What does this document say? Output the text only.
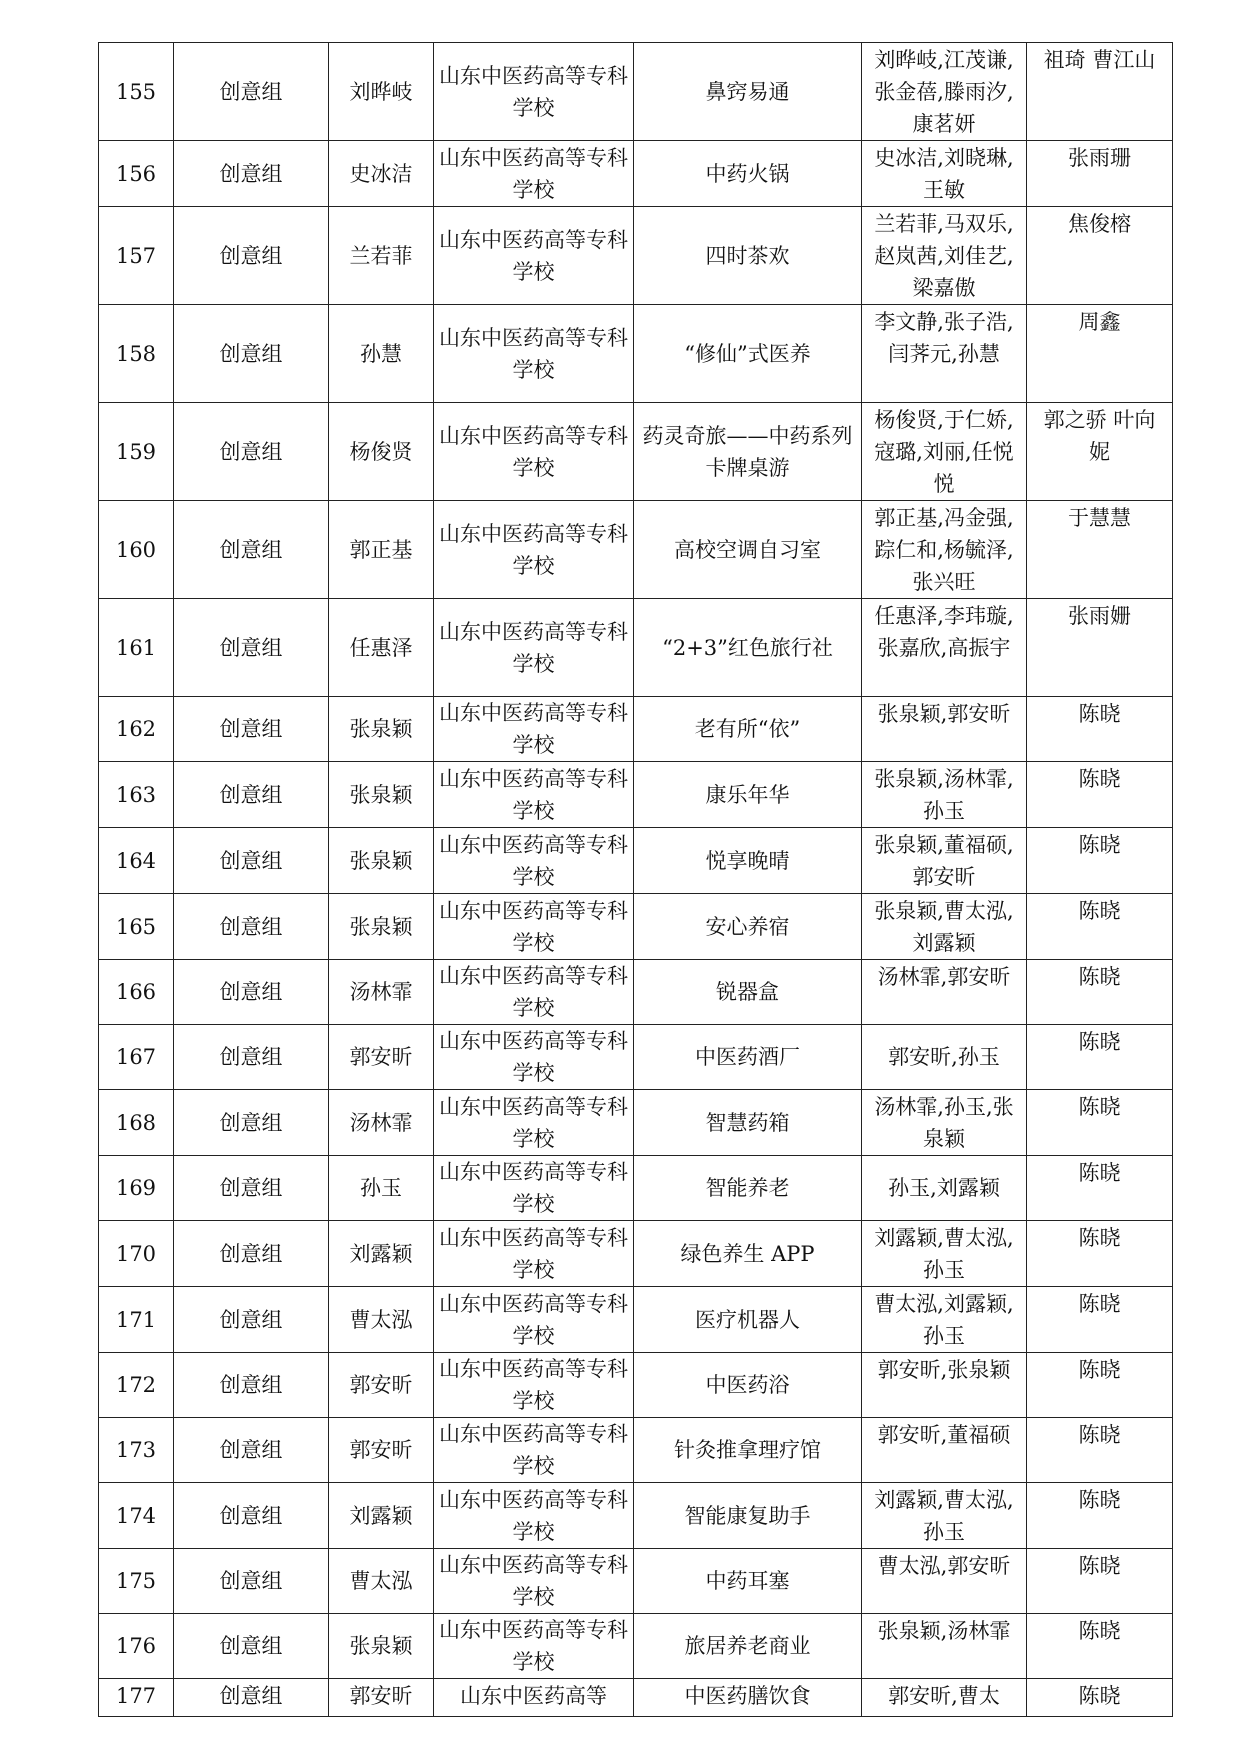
155	创意组	刘晔岐	山东中医药高等专科学校	鼻窍易通	刘晔岐,江茂谦,张金蓓,滕雨汐,康茗妍	祖琦 曹江山
156	创意组	史冰洁	山东中医药高等专科学校	中药火锅	史冰洁,刘晓琳,王敏	张雨珊
157	创意组	兰若菲	山东中医药高等专科学校	四时茶欢	兰若菲,马双乐,赵岚茜,刘佳艺,梁嘉傲	焦俊榕
158	创意组	孙慧	山东中医药高等专科学校	“修仙”式医养	李文静,张子浩,闫荠元,孙慧	周鑫
159	创意组	杨俊贤	山东中医药高等专科学校	药灵奇旅——中药系列卡牌桌游	杨俊贤,于仁娇,寇璐,刘丽,任悦悦	郭之骄 叶向妮
160	创意组	郭正基	山东中医药高等专科学校	高校空调自习室	郭正基,冯金强,踪仁和,杨毓泽,张兴旺	于慧慧
161	创意组	任惠泽	山东中医药高等专科学校	“2+3”红色旅行社	任惠泽,李玮璇,张嘉欣,高振宇	张雨姗
162	创意组	张泉颖	山东中医药高等专科学校	老有所“依”	张泉颖,郭安昕	陈晓
163	创意组	张泉颖	山东中医药高等专科学校	康乐年华	张泉颖,汤林霏,孙玉	陈晓
164	创意组	张泉颖	山东中医药高等专科学校	悦享晚晴	张泉颖,董福硕,郭安昕	陈晓
165	创意组	张泉颖	山东中医药高等专科学校	安心养宿	张泉颖,曹太泓,刘露颖	陈晓
166	创意组	汤林霏	山东中医药高等专科学校	锐器盒	汤林霏,郭安昕	陈晓
167	创意组	郭安昕	山东中医药高等专科学校	中医药酒厂	郭安昕,孙玉	陈晓
168	创意组	汤林霏	山东中医药高等专科学校	智慧药箱	汤林霏,孙玉,张泉颖	陈晓
169	创意组	孙玉	山东中医药高等专科学校	智能养老	孙玉,刘露颖	陈晓
170	创意组	刘露颖	山东中医药高等专科学校	绿色养生 APP	刘露颖,曹太泓,孙玉	陈晓
171	创意组	曹太泓	山东中医药高等专科学校	医疗机器人	曹太泓,刘露颖,孙玉	陈晓
172	创意组	郭安昕	山东中医药高等专科学校	中医药浴	郭安昕,张泉颖	陈晓
173	创意组	郭安昕	山东中医药高等专科学校	针灸推拿理疗馆	郭安昕,董福硕	陈晓
174	创意组	刘露颖	山东中医药高等专科学校	智能康复助手	刘露颖,曹太泓,孙玉	陈晓
175	创意组	曹太泓	山东中医药高等专科学校	中药耳塞	曹太泓,郭安昕	陈晓
176	创意组	张泉颖	山东中医药高等专科学校	旅居养老商业	张泉颖,汤林霏	陈晓
177	创意组	郭安昕	山东中医药高等	中医药膳饮食	郭安昕,曹太	陈晓
